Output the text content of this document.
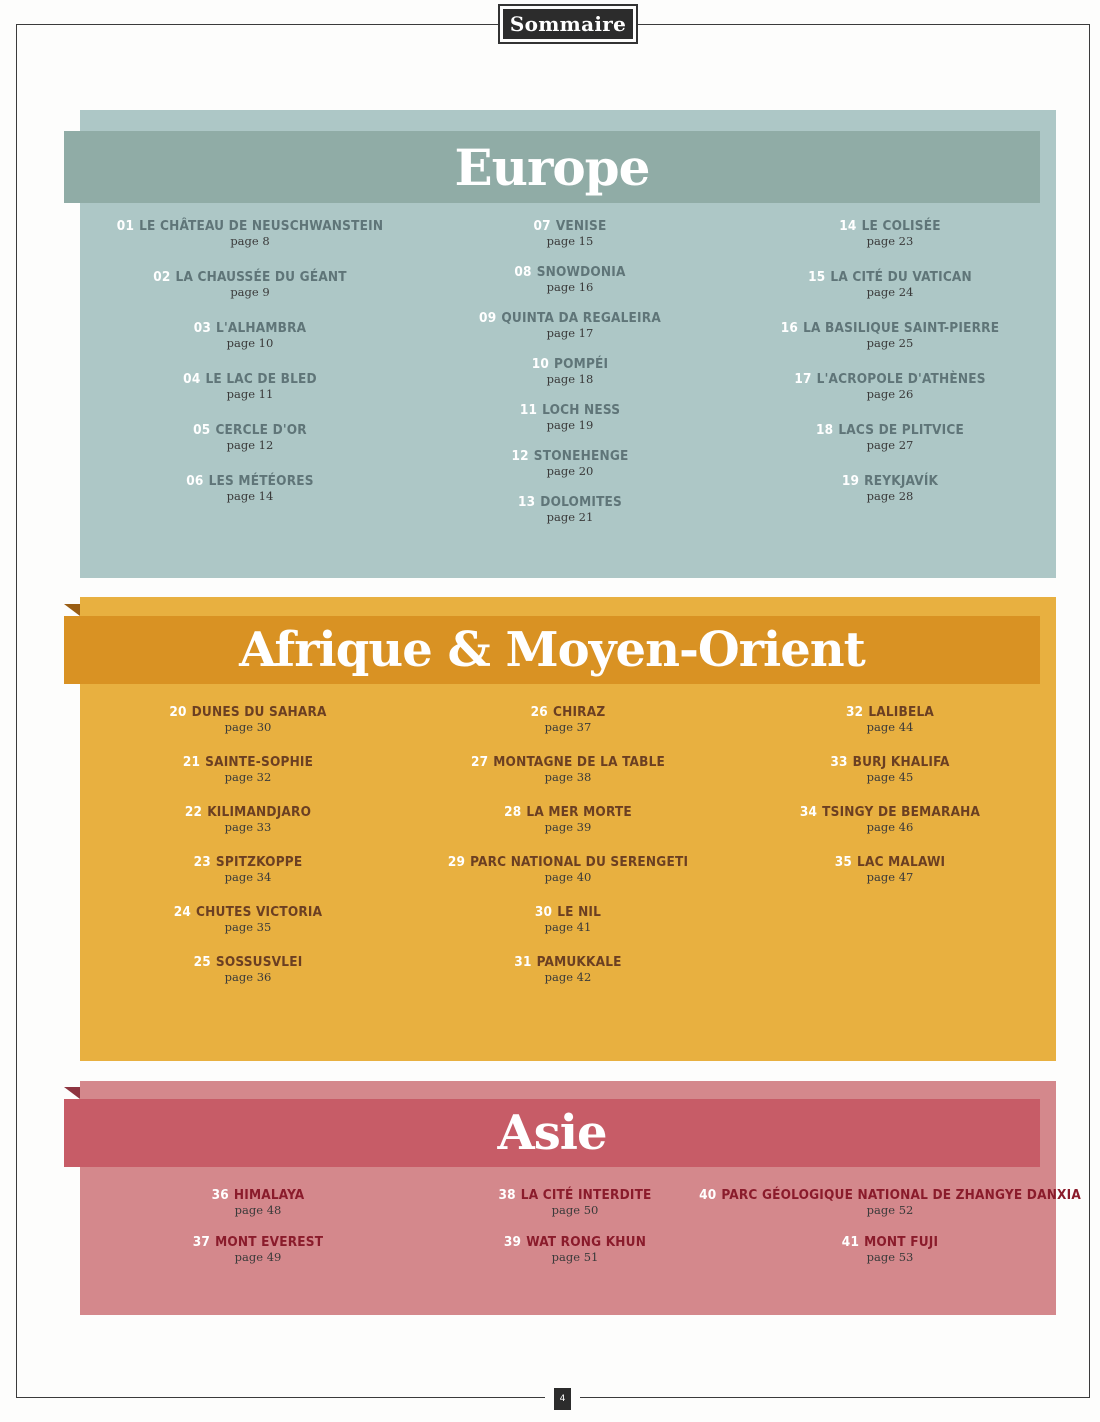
Sommaire
Europe
01 LE CHÂTEAU DE NEUSCHWANSTEIN
page 8
02 LA CHAUSSÉE DU GÉANT
page 9
03 L'ALHAMBRA
page 10
04 LE LAC DE BLED
page 11
05 CERCLE D'OR
page 12
06 LES MÉTÉORES
page 14
07 VENISE
page 15
08 SNOWDONIA
page 16
09 QUINTA DA REGALEIRA
page 17
10 POMPÉI
page 18
11 LOCH NESS
page 19
12 STONEHENGE
page 20
13 DOLOMITES
page 21
14 LE COLISÉE
page 23
15 LA CITÉ DU VATICAN
page 24
16 LA BASILIQUE SAINT-PIERRE
page 25
17 L'ACROPOLE D'ATHÈNES
page 26
18 LACS DE PLITVICE
page 27
19 REYKJAVÍK
page 28
Afrique & Moyen-Orient
20 DUNES DU SAHARA
page 30
21 SAINTE-SOPHIE
page 32
22 KILIMANDJARO
page 33
23 SPITZKOPPE
page 34
24 CHUTES VICTORIA
page 35
25 SOSSUSVLEI
page 36
26 CHIRAZ
page 37
27 MONTAGNE DE LA TABLE
page 38
28 LA MER MORTE
page 39
29 PARC NATIONAL DU SERENGETI
page 40
30 LE NIL
page 41
31 PAMUKKALE
page 42
32 LALIBELA
page 44
33 BURJ KHALIFA
page 45
34 TSINGY DE BEMARAHA
page 46
35 LAC MALAWI
page 47
Asie
36 HIMALAYA
page 48
37 MONT EVEREST
page 49
38 LA CITÉ INTERDITE
page 50
39 WAT RONG KHUN
page 51
40 PARC GÉOLOGIQUE NATIONAL DE ZHANGYE DANXIA
page 52
41 MONT FUJI
page 53
4
